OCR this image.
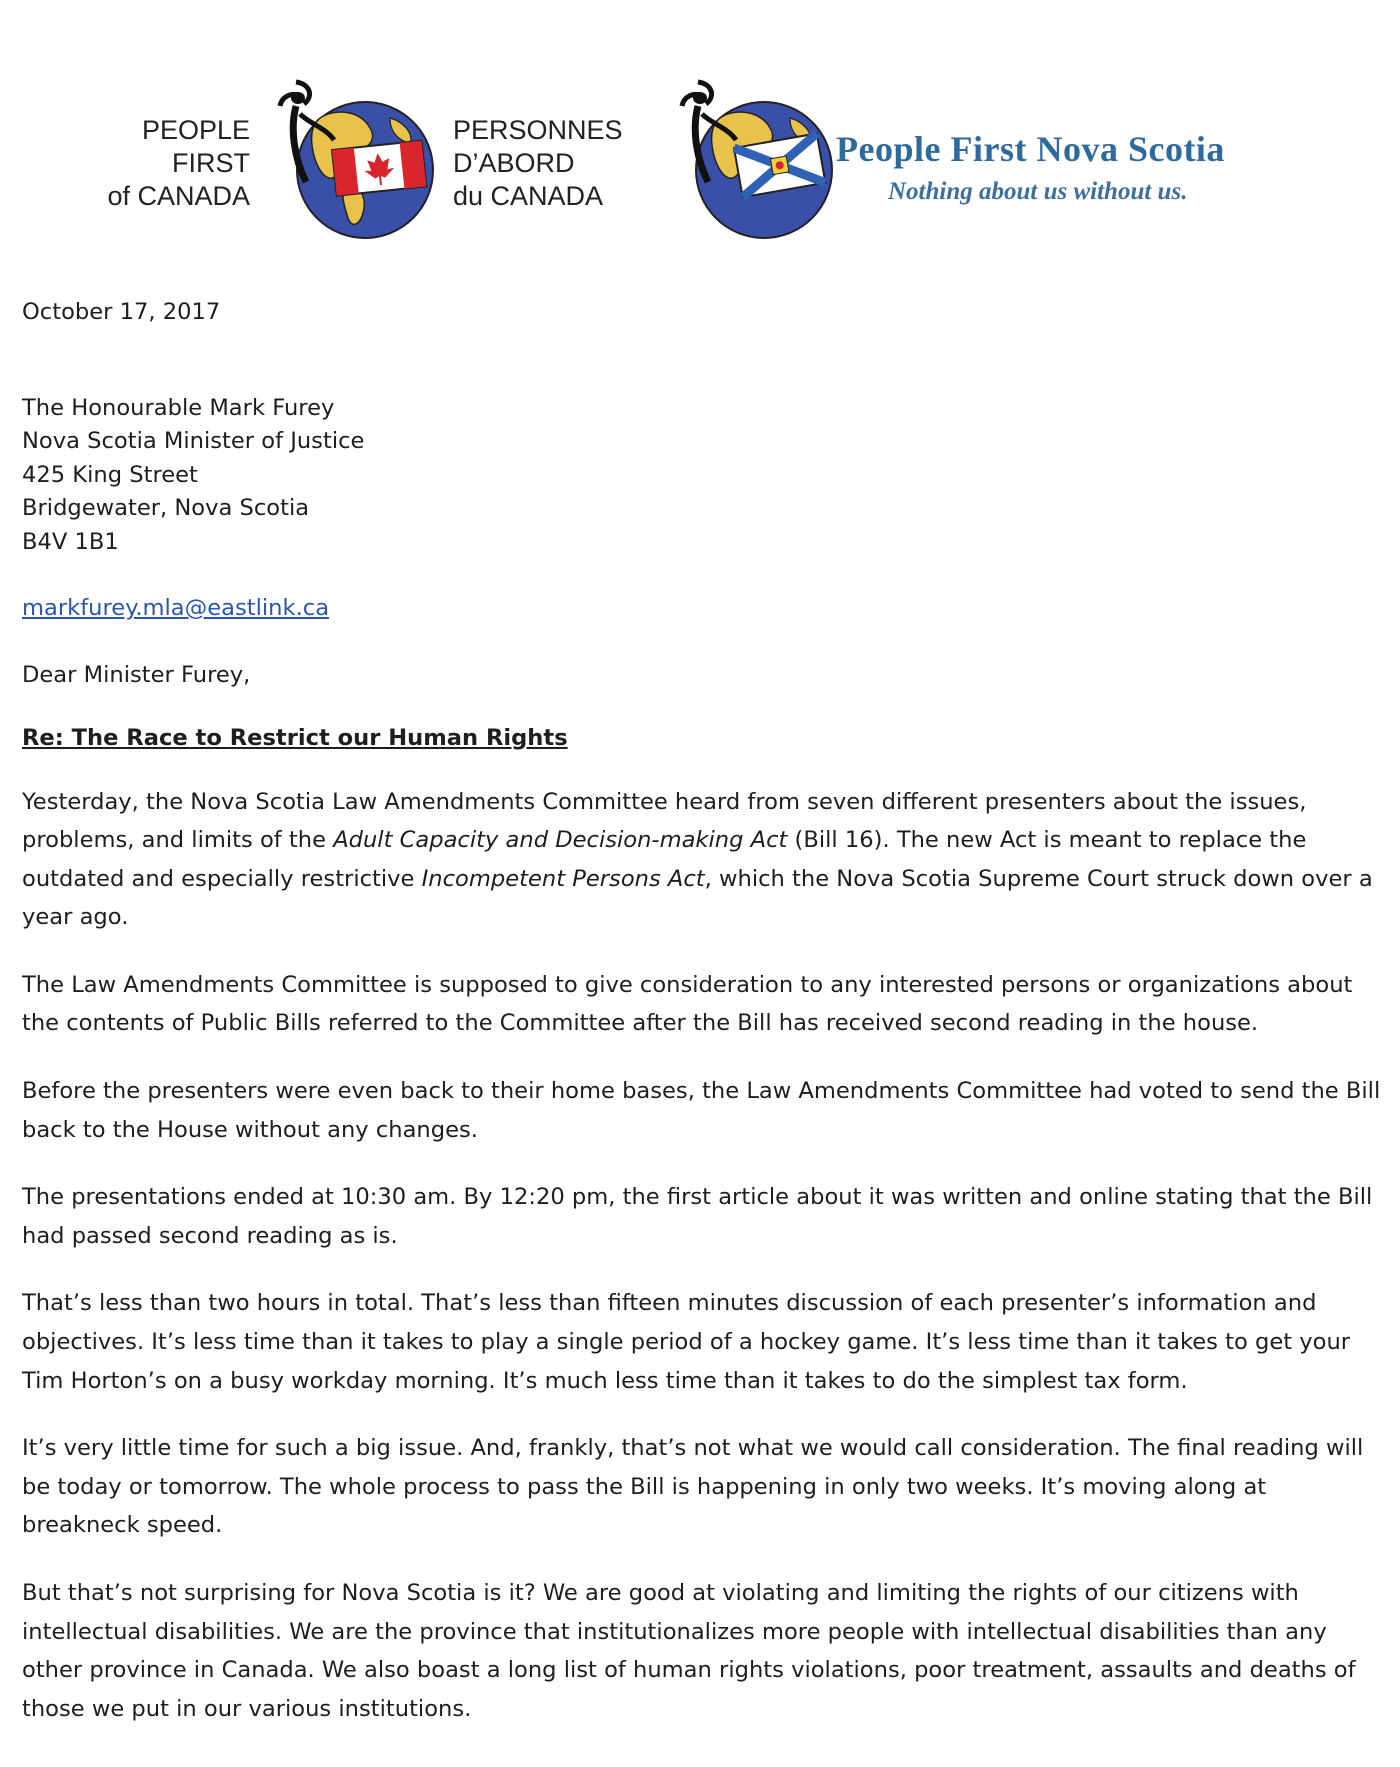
PEOPLE
FIRST
of CANADA
PERSONNES
D’ABORD
du CANADA
People First Nova Scotia
Nothing about us without us.
October 17, 2017
The Honourable Mark Furey
Nova Scotia Minister of Justice
425 King Street
Bridgewater, Nova Scotia
B4V 1B1
markfurey.mla@eastlink.ca
Dear Minister Furey,
Re: The Race to Restrict our Human Rights
Yesterday, the Nova Scotia Law Amendments Committee heard from seven different presenters about the issues, problems, and limits of the Adult Capacity and Decision-making Act (Bill 16). The new Act is meant to replace the outdated and especially restrictive Incompetent Persons Act, which the Nova Scotia Supreme Court struck down over a year ago.
The Law Amendments Committee is supposed to give consideration to any interested persons or organizations about the contents of Public Bills referred to the Committee after the Bill has received second reading in the house.
Before the presenters were even back to their home bases, the Law Amendments Committee had voted to send the Bill back to the House without any changes.
The presentations ended at 10:30 am. By 12:20 pm, the first article about it was written and online stating that the Bill had passed second reading as is.
That’s less than two hours in total. That’s less than fifteen minutes discussion of each presenter’s information and objectives. It’s less time than it takes to play a single period of a hockey game. It’s less time than it takes to get your Tim Horton’s on a busy workday morning. It’s much less time than it takes to do the simplest tax form.
It’s very little time for such a big issue. And, frankly, that’s not what we would call consideration. The final reading will be today or tomorrow. The whole process to pass the Bill is happening in only two weeks. It’s moving along at breakneck speed.
But that’s not surprising for Nova Scotia is it? We are good at violating and limiting the rights of our citizens with intellectual disabilities. We are the province that institutionalizes more people with intellectual disabilities than any other province in Canada. We also boast a long list of human rights violations, poor treatment, assaults and deaths of those we put in our various institutions.
